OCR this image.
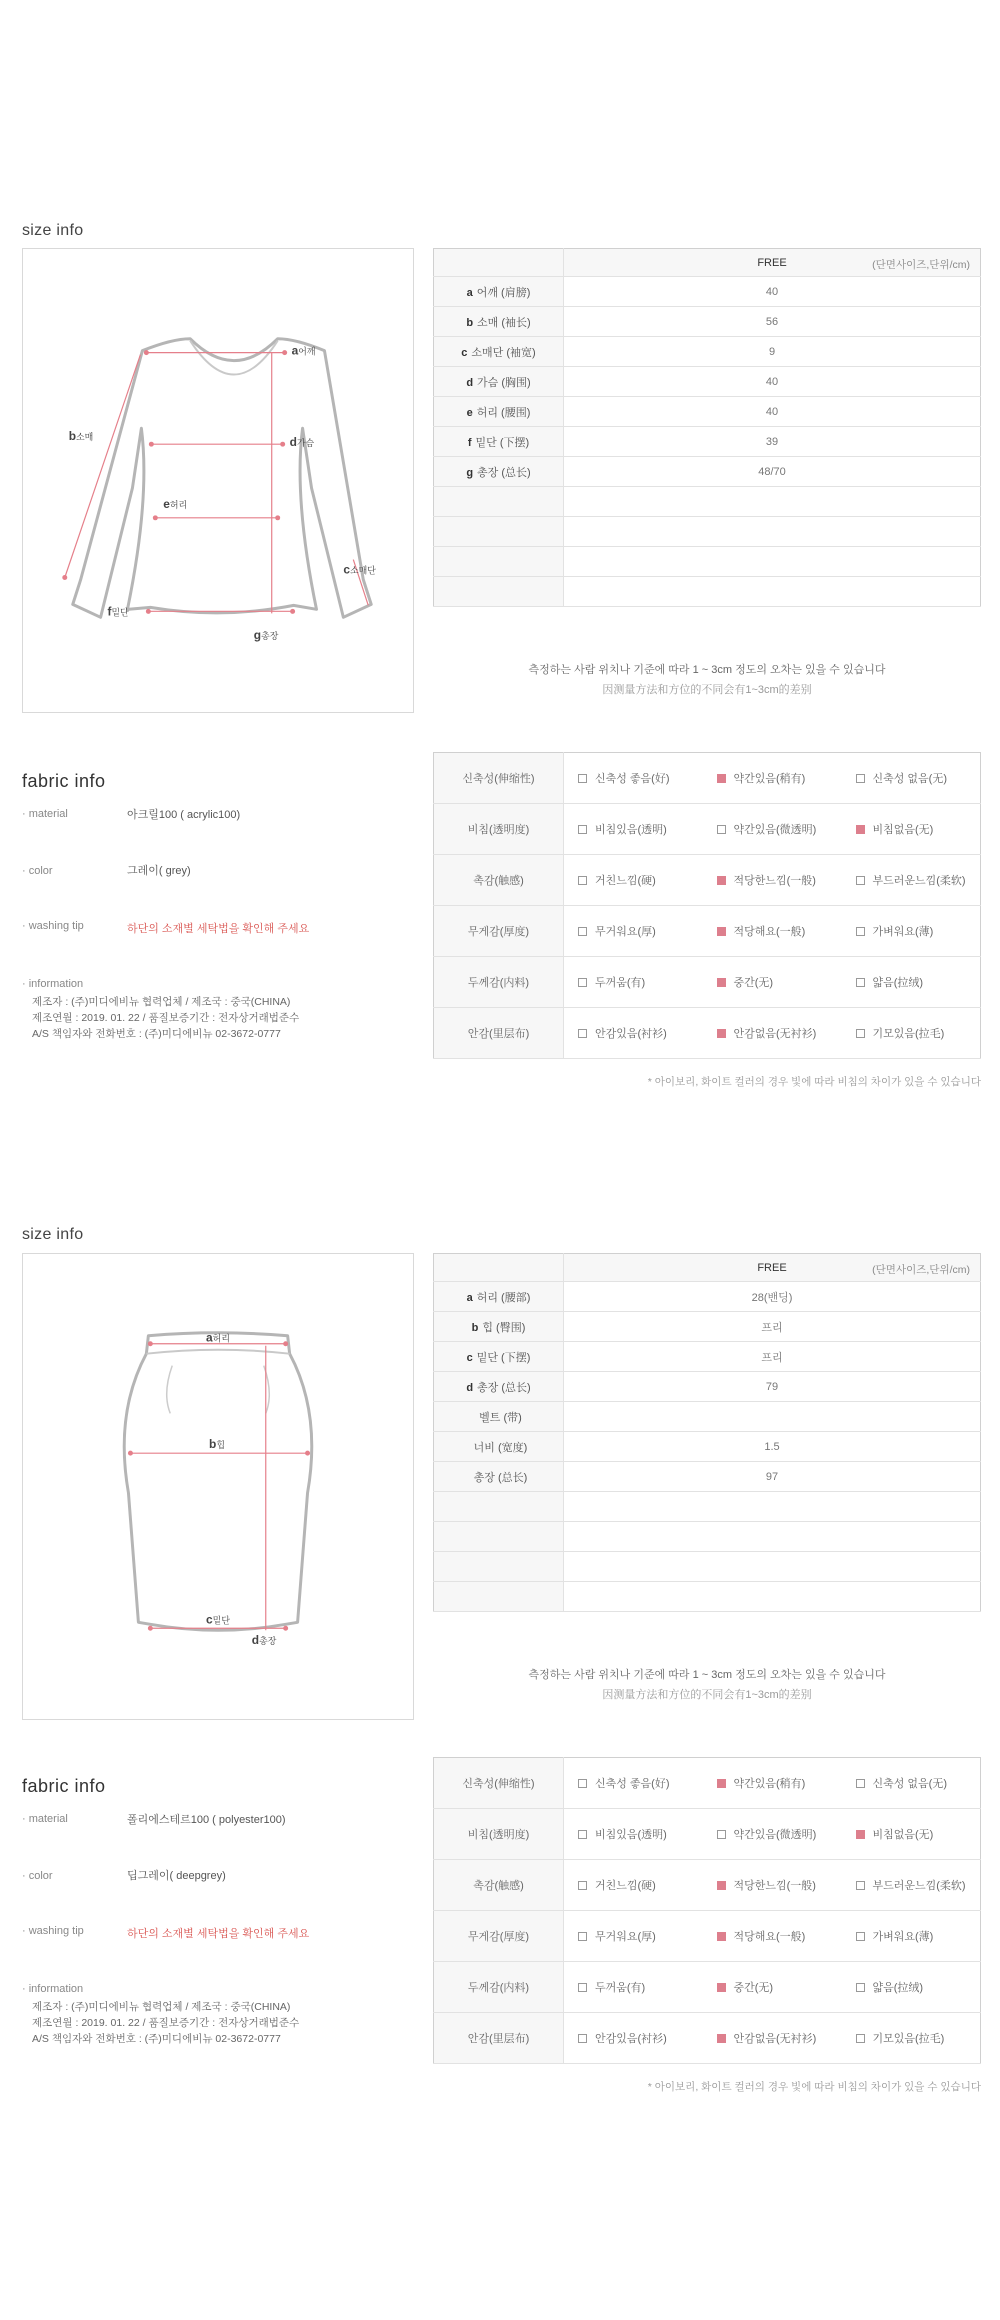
size info
a어깨
b소매
c소매단
d가슴
e허리
f밑단
g총장
	FREE (단면사이즈,단위/cm)

a 어깨 (肩膀)	40
b 소매 (袖长)	56
c 소매단 (袖宽)	9
d 가슴 (胸围)	40
e 허리 (腰围)	40
f 밑단 (下摆)	39
g 총장 (总长)	48/70

측정하는 사람 위치나 기준에 따라 1 ~ 3cm 정도의 오차는 있을 수 있습니다
因测量方法和方位的不同会有1~3cm的差别
fabric info
· material	아크릴100 ( acrylic100)
· color	그레이( grey)
· washing tip	하단의 소재별 세탁법을 확인해 주세요
· information
제조자 : (주)미디에비뉴 협력업체 / 제조국 : 중국(CHINA)
제조연월 : 2019. 01. 22 / 품질보증기간 : 전자상거래법준수
A/S 책임자와 전화번호 : (주)미디에비뉴 02-3672-0777
신축성(伸缩性)	신축성 좋음(好)	약간있음(稍有)	신축성 없음(无)
비침(透明度)	비침있음(透明)	약간있음(微透明)	비침없음(无)
촉감(触感)	거친느낌(硬)	적당한느낌(一般)	부드러운느낌(柔软)
무게감(厚度)	무거워요(厚)	적당해요(一般)	가벼워요(薄)
두께감(内料)	두꺼움(有)	중간(无)	얇음(拉绒)
안감(里层布)	안감있음(衬衫)	안감없음(无衬衫)	기모있음(拉毛)
* 아이보리, 화이트 컬러의 경우 빛에 따라 비침의 차이가 있을 수 있습니다
size info
a허리
b힙
c밑단
d총장
	FREE (단면사이즈,단위/cm)

a 허리 (腰部)	28(밴딩)
b 힙 (臀围)	프리
c 밑단 (下摆)	프리
d 총장 (总长)	79
벨트 (带)	
너비 (宽度)	1.5
총장 (总长)	97

측정하는 사람 위치나 기준에 따라 1 ~ 3cm 정도의 오차는 있을 수 있습니다
因测量方法和方位的不同会有1~3cm的差别
fabric info
· material	폴리에스테르100 ( polyester100)
· color	딥그레이( deepgrey)
· washing tip	하단의 소재별 세탁법을 확인해 주세요
· information
제조자 : (주)미디에비뉴 협력업체 / 제조국 : 중국(CHINA)
제조연월 : 2019. 01. 22 / 품질보증기간 : 전자상거래법준수
A/S 책임자와 전화번호 : (주)미디에비뉴 02-3672-0777
신축성(伸缩性)	신축성 좋음(好)	약간있음(稍有)	신축성 없음(无)
비침(透明度)	비침있음(透明)	약간있음(微透明)	비침없음(无)
촉감(触感)	거친느낌(硬)	적당한느낌(一般)	부드러운느낌(柔软)
무게감(厚度)	무거워요(厚)	적당해요(一般)	가벼워요(薄)
두께감(内料)	두꺼움(有)	중간(无)	얇음(拉绒)
안감(里层布)	안감있음(衬衫)	안감없음(无衬衫)	기모있음(拉毛)
* 아이보리, 화이트 컬러의 경우 빛에 따라 비침의 차이가 있을 수 있습니다
